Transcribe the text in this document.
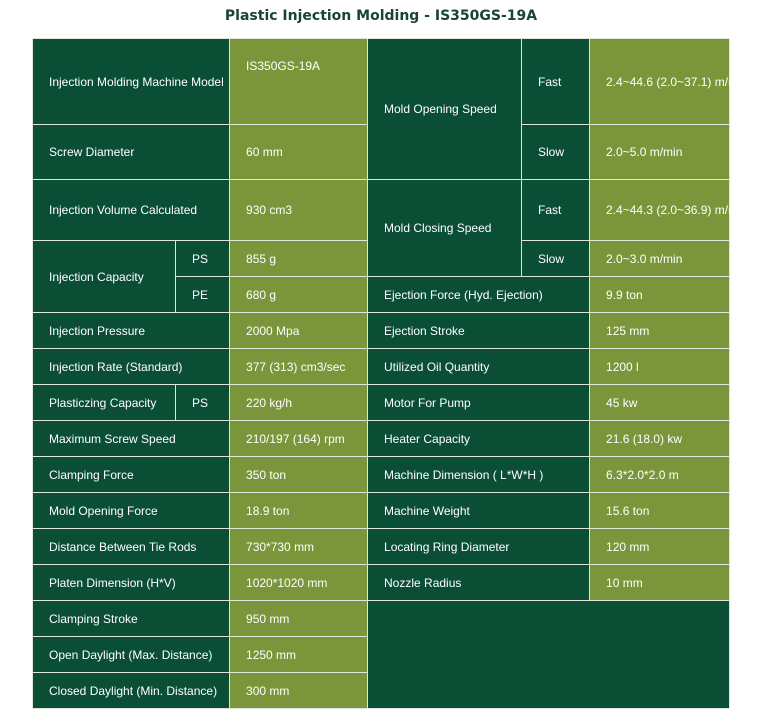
Plastic Injection Molding - IS350GS-19A
Injection Molding Machine Model		IS350GS-19A	Mold Opening Speed	Fast	2.4~44.6 (2.0~37.1) m/min
Screw Diameter		60 mm		Slow	2.0~5.0 m/min
Injection Volume Calculated		930 cm3	Mold Closing Speed	Fast	2.4~44.3 (2.0~36.9) m/min
Injection Capacity	PS	855 g		Slow	2.0~3.0 m/min
	PE	680 g	Ejection Force (Hyd. Ejection)		9.9 ton
Injection Pressure		2000 Mpa	Ejection Stroke		125 mm
Injection Rate (Standard)		377 (313) cm3/sec	Utilized Oil Quantity		1200 l
Plasticzing Capacity	PS	220 kg/h	Motor For Pump		45 kw
Maximum Screw Speed		210/197 (164) rpm	Heater Capacity		21.6 (18.0) kw
Clamping Force		350 ton	Machine Dimension ( L*W*H )		6.3*2.0*2.0 m
Mold Opening Force		18.9 ton	Machine Weight		15.6 ton
Distance Between Tie Rods		730*730 mm	Locating Ring Diameter		120 mm
Platen Dimension (H*V)		1020*1020 mm	Nozzle Radius		10 mm
Clamping Stroke		950 mm			
Open Daylight (Max. Distance)		1250 mm			
Closed Daylight (Min. Distance)		300 mm			
